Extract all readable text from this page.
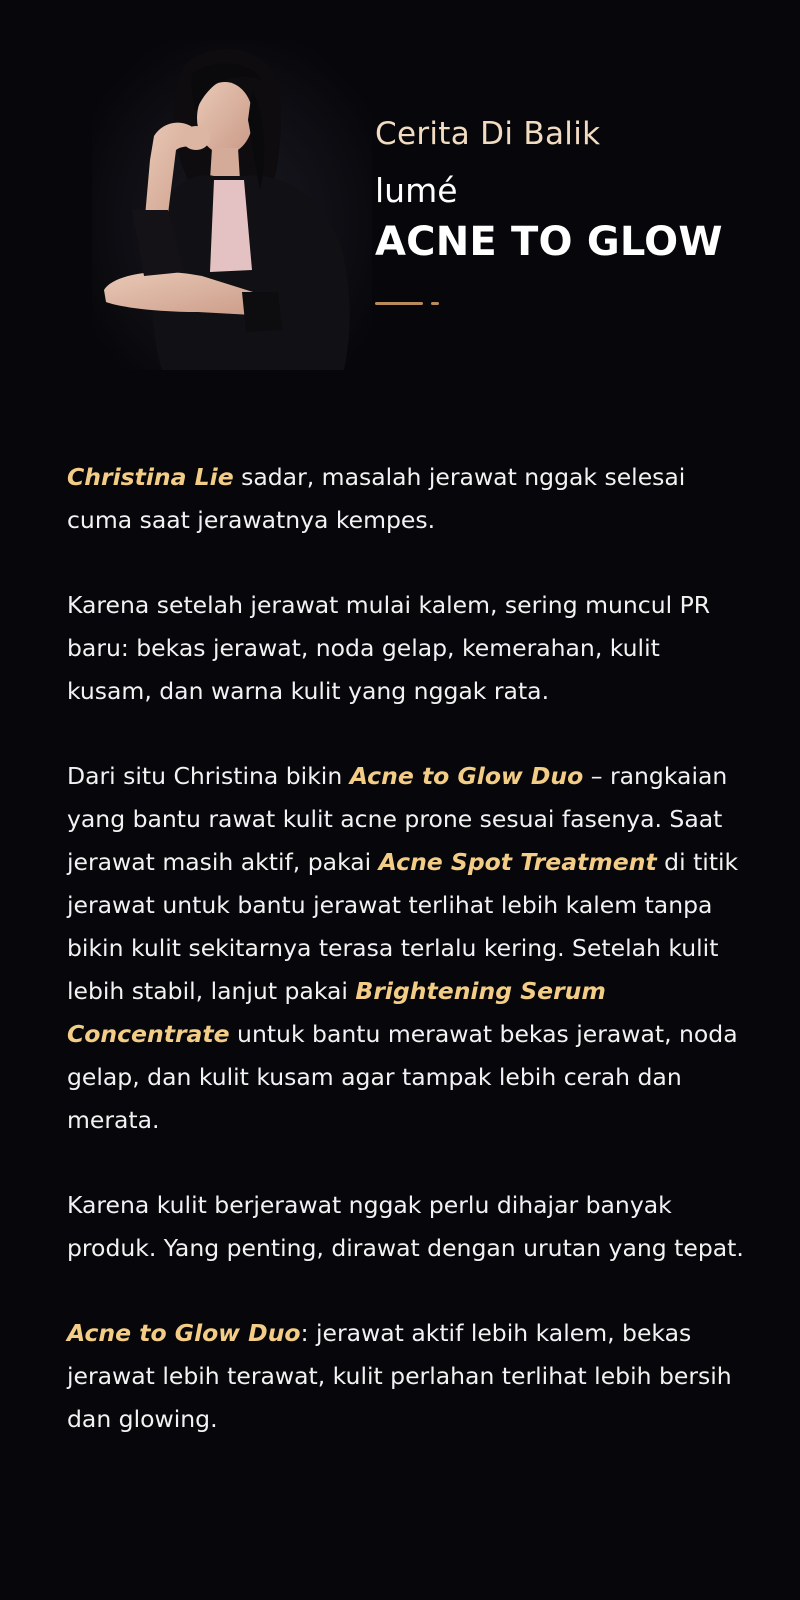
Cerita Di Balik
lumé
ACNE TO GLOW

Christina Lie sadar, masalah jerawat nggak selesai cuma saat jerawatnya kempes.

Karena setelah jerawat mulai kalem, sering muncul PR baru: bekas jerawat, noda gelap, kemerahan, kulit kusam, dan warna kulit yang nggak rata.

Dari situ Christina bikin Acne to Glow Duo – rangkaian yang bantu rawat kulit acne prone sesuai fasenya. Saat jerawat masih aktif, pakai Acne Spot Treatment di titik jerawat untuk bantu jerawat terlihat lebih kalem tanpa bikin kulit sekitarnya terasa terlalu kering. Setelah kulit lebih stabil, lanjut pakai Brightening Serum Concentrate untuk bantu merawat bekas jerawat, noda gelap, dan kulit kusam agar tampak lebih cerah dan merata.

Karena kulit berjerawat nggak perlu dihajar banyak produk. Yang penting, dirawat dengan urutan yang tepat.

Acne to Glow Duo: jerawat aktif lebih kalem, bekas jerawat lebih terawat, kulit perlahan terlihat lebih bersih dan glowing.
